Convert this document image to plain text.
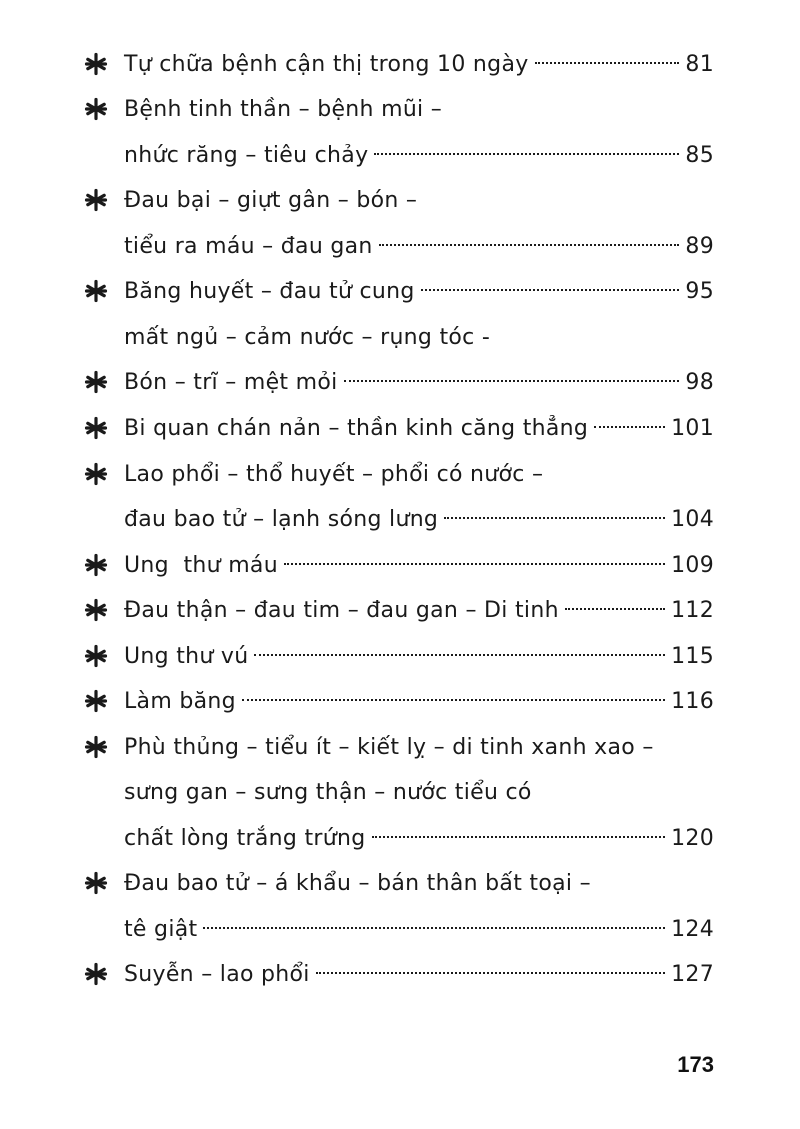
Tự chữa bệnh cận thị trong 10 ngày	81
Bệnh tinh thần – bệnh mũi –
nhức răng – tiêu chảy	85
Đau bại – giựt gân – bón –
tiểu ra máu – đau gan	89
Băng huyết – đau tử cung	95
mất ngủ – cảm nước – rụng tóc -
Bón – trĩ – mệt mỏi	98
Bi quan chán nản – thần kinh căng thẳng	101
Lao phổi – thổ huyết – phổi có nước –
đau bao tử – lạnh sóng lưng	104
Ung  thư máu	109
Đau thận – đau tim – đau gan – Di tinh	112
Ung thư vú	115
Làm băng	116
Phù thủng – tiểu ít – kiết lỵ – di tinh xanh xao –
sưng gan – sưng thận – nước tiểu có
chất lòng trắng trứng	120
Đau bao tử – á khẩu – bán thân bất toại –
tê giật	124
Suyễn – lao phổi	127
173
